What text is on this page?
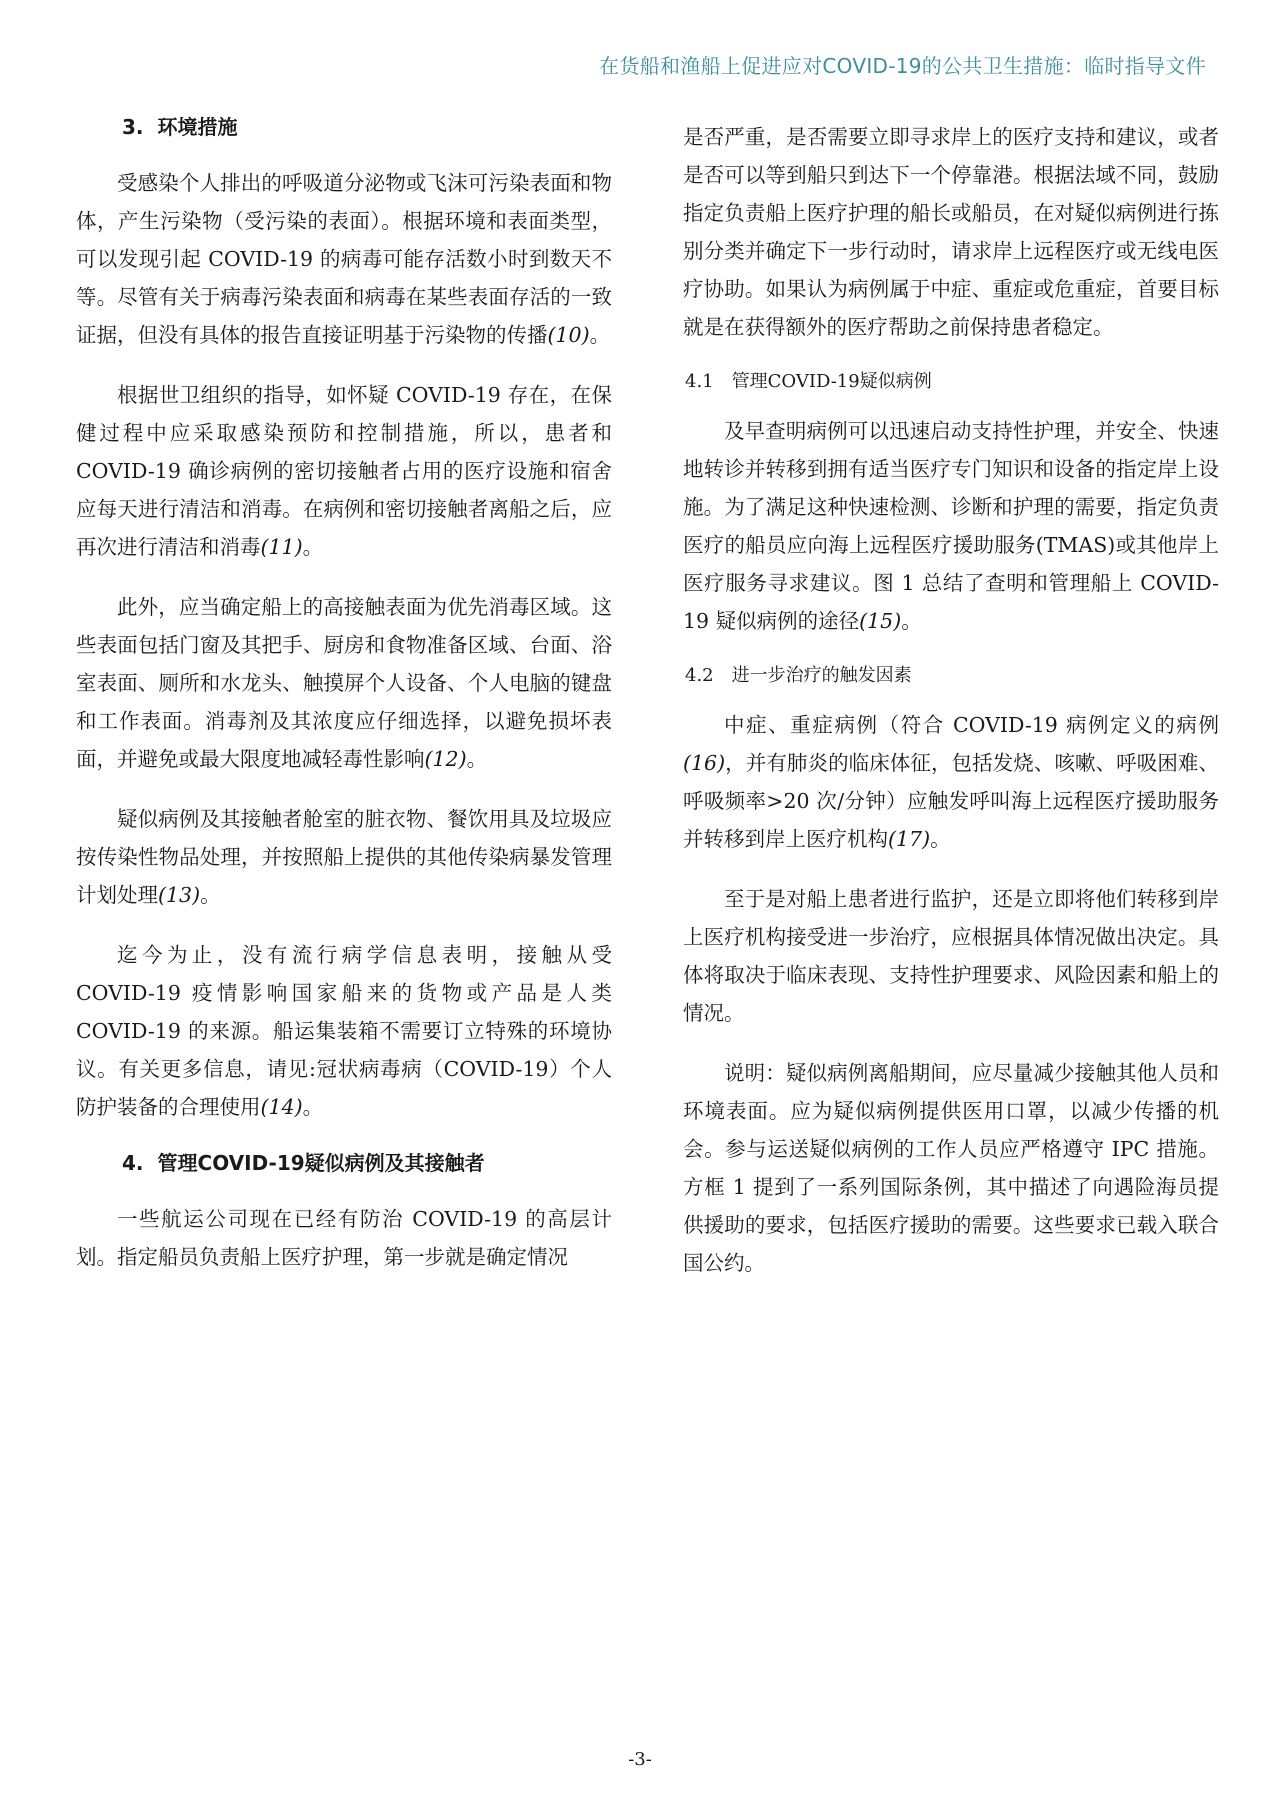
在货船和渔船上促进应对COVID-19的公共卫生措施：临时指导文件
3. 环境措施

受感染个人排出的呼吸道分泌物或飞沫可污染表面和物体，产生污染物（受污染的表面）。根据环境和表面类型，可以发现引起 COVID-19 的病毒可能存活数小时到数天不等。尽管有关于病毒污染表面和病毒在某些表面存活的一致证据，但没有具体的报告直接证明基于污染物的传播(10)。

根据世卫组织的指导，如怀疑 COVID-19 存在，在保健过程中应采取感染预防和控制措施，所以，患者和 COVID-19 确诊病例的密切接触者占用的医疗设施和宿舍应每天进行清洁和消毒。在病例和密切接触者离船之后，应再次进行清洁和消毒(11)。

此外，应当确定船上的高接触表面为优先消毒区域。这些表面包括门窗及其把手、厨房和食物准备区域、台面、浴室表面、厕所和水龙头、触摸屏个人设备、个人电脑的键盘和工作表面。消毒剂及其浓度应仔细选择，以避免损坏表面，并避免或最大限度地减轻毒性影响(12)。

疑似病例及其接触者舱室的脏衣物、餐饮用具及垃圾应按传染性物品处理，并按照船上提供的其他传染病暴发管理计划处理(13)。

迄今为止，没有流行病学信息表明，接触从受 COVID-19 疫情影响国家船来的货物或产品是人类 COVID-19 的来源。船运集装箱不需要订立特殊的环境协议。有关更多信息，请见:冠状病毒病（COVID-19）个人防护装备的合理使用(14)。

4. 管理COVID-19疑似病例及其接触者

一些航运公司现在已经有防治 COVID-19 的高层计划。指定船员负责船上医疗护理，第一步就是确定情况

是否严重，是否需要立即寻求岸上的医疗支持和建议，或者是否可以等到船只到达下一个停靠港。根据法域不同，鼓励指定负责船上医疗护理的船长或船员，在对疑似病例进行拣别分类并确定下一步行动时，请求岸上远程医疗或无线电医疗协助。如果认为病例属于中症、重症或危重症，首要目标就是在获得额外的医疗帮助之前保持患者稳定。

4.1 管理COVID-19疑似病例

及早查明病例可以迅速启动支持性护理，并安全、快速地转诊并转移到拥有适当医疗专门知识和设备的指定岸上设施。为了满足这种快速检测、诊断和护理的需要，指定负责医疗的船员应向海上远程医疗援助服务(TMAS)或其他岸上医疗服务寻求建议。图 1 总结了查明和管理船上 COVID-19 疑似病例的途径(15)。

4.2 进一步治疗的触发因素

中症、重症病例（符合 COVID-19 病例定义的病例(16)，并有肺炎的临床体征，包括发烧、咳嗽、呼吸困难、呼吸频率>20 次/分钟）应触发呼叫海上远程医疗援助服务并转移到岸上医疗机构(17)。

至于是对船上患者进行监护，还是立即将他们转移到岸上医疗机构接受进一步治疗，应根据具体情况做出决定。具体将取决于临床表现、支持性护理要求、风险因素和船上的情况。

说明：疑似病例离船期间，应尽量减少接触其他人员和环境表面。应为疑似病例提供医用口罩，以减少传播的机会。参与运送疑似病例的工作人员应严格遵守 IPC 措施。方框 1 提到了一系列国际条例，其中描述了向遇险海员提供援助的要求，包括医疗援助的需要。这些要求已载入联合国公约。

-3-
